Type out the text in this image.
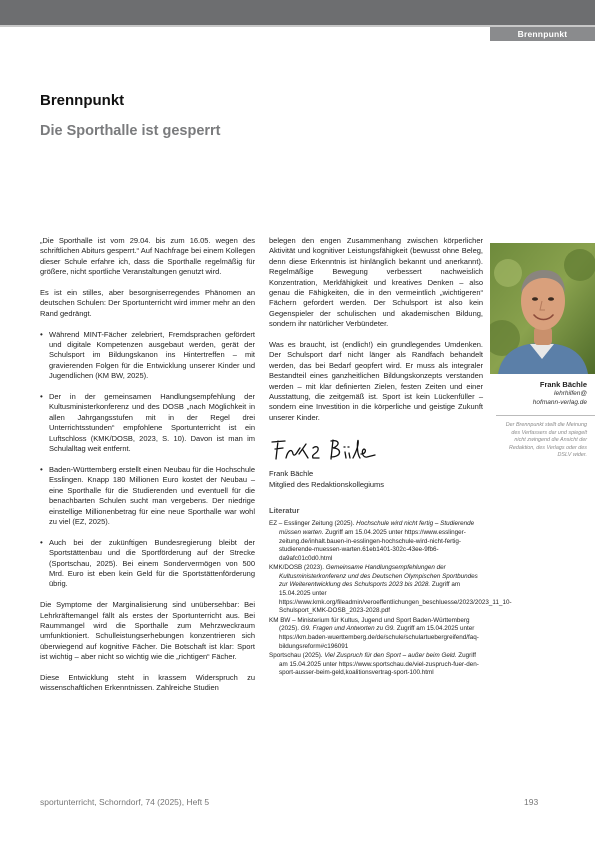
Brennpunkt
Brennpunkt
Die Sporthalle ist gesperrt

„Die Sporthalle ist vom 29.04. bis zum 16.05. wegen des schriftlichen Abiturs gesperrt.“ Auf Nachfrage bei einem Kollegen dieser Schule erfahre ich, dass die Sporthalle regelmäßig für größere, nicht sportliche Veranstaltungen genutzt wird.

Es ist ein stilles, aber besorgniserregendes Phänomen an deutschen Schulen: Der Sportunterricht wird immer mehr an den Rand gedrängt.

• Während MINT-Fächer zelebriert, Fremdsprachen gefördert und digitale Kompetenzen ausgebaut werden, gerät der Schulsport im Bildungskanon ins Hintertreffen – mit gravierenden Folgen für die Entwicklung unserer Kinder und Jugendlichen (KM BW, 2025).
• Der in der gemeinsamen Handlungsempfehlung der Kultusministerkonferenz und des DOSB „nach Möglichkeit in allen Jahrgangsstufen mit in der Regel drei Unterrichtsstunden“ empfohlene Sportunterricht ist ein Luftschloss (KMK/DOSB, 2023, S. 10). Davon ist man im Schulalltag weit entfernt.
• Baden-Württemberg erstellt einen Neubau für die Hochschule Esslingen. Knapp 180 Millionen Euro kostet der Neubau – eine Sporthalle für die Studierenden und eventuell für die benachbarten Schulen sucht man vergebens. Der niedrige einstellige Millionenbetrag für eine neue Sporthalle war wohl zu viel (EZ, 2025).
• Auch bei der zukünftigen Bundesregierung bleibt der Sportstättenbau und die Sportförderung auf der Strecke (Sportschau, 2025). Bei einem Sondervermögen von 500 Mrd. Euro ist eben kein Geld für die Sportstättenförderung übrig.

Die Symptome der Marginalisierung sind unübersehbar: Bei Lehrkräftemangel fällt als erstes der Sportunterricht aus. Bei Raummangel wird die Sporthalle zum Mehrzweckraum umfunktioniert. Schulleistungserhebungen konzentrieren sich überwiegend auf kognitive Fächer. Die Botschaft ist klar: Sport ist wichtig – aber nicht so wichtig wie die „richtigen“ Fächer.

Diese Entwicklung steht in krassem Widerspruch zu wissenschaftlichen Erkenntnissen. Zahlreiche Studien

belegen den engen Zusammenhang zwischen körperlicher Aktivität und kognitiver Leistungsfähigkeit (bewusst ohne Beleg, denn diese Erkenntnis ist hinlänglich bekannt und anerkannt). Regelmäßige Bewegung verbessert nachweislich Konzentration, Merkfähigkeit und kreatives Denken – also genau die Fähigkeiten, die in den vermeintlich „wichtigeren“ Fächern gefordert werden. Der Schulsport ist also kein Gegenspieler der schulischen und akademischen Bildung, sondern ihr natürlicher Verbündeter.

Was es braucht, ist (endlich!) ein grundlegendes Umdenken. Der Schulsport darf nicht länger als Randfach behandelt werden, das bei Bedarf geopfert wird. Er muss als integraler Bestandteil eines ganzheitlichen Bildungskonzepts verstanden werden – mit klar definierten Zielen, festen Zeiten und einer Ausstattung, die zeitgemäß ist. Sport ist kein Lückenfüller – sondern eine Investition in die körperliche und geistige Zukunft unserer Kinder.

Frank Bächle
Mitglied des Redaktionskollegiums
Literatur
EZ – Esslinger Zeitung (2025). Hochschule wird nicht fertig – Studierende müssen warten. Zugriff am 15.04.2025 unter https://www.esslinger-zeitung.de/inhalt.bauen-in-esslingen-hochschule-wird-nicht-fertig-studierende-muessen-warten.61eb1401-302c-43ee-9fb6-da9afc01c0d0.html
KMK/DOSB (2023). Gemeinsame Handlungsempfehlungen der Kultusministerkonferenz und des Deutschen Olympischen Sportbundes zur Weiterentwicklung des Schulsports 2023 bis 2028. Zugriff am 15.04.2025 unter https://www.kmk.org/fileadmin/veroeffentlichungen_beschluesse/2023/2023_11_10-Schulsport_KMK-DOSB_2023-2028.pdf
KM BW – Ministerium für Kultus, Jugend und Sport Baden-Württemberg (2025). G9. Fragen und Antworten zu G9. Zugriff am 15.04.2025 unter https://km.baden-wuerttemberg.de/de/schule/schulartuebergreifend/faq-bildungsreform#c196091
Sportschau (2025). Viel Zuspruch für den Sport – außer beim Geld. Zugriff am 15.04.2025 unter https://www.sportschau.de/viel-zuspruch-fuer-den-sport-ausser-beim-geld,koalitionsvertrag-sport-100.html
Frank Bächle
lehrhilfen@
hofmann-verlag.de
Der Brennpunkt stellt die Meinung des Verfassers dar und spiegelt nicht zwingend die Ansicht der Redaktion, des Verlags oder des DSLV wider.
sportunterricht, Schorndorf, 74 (2025), Heft 5	193
